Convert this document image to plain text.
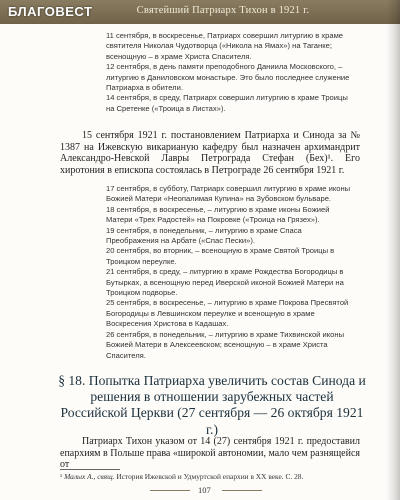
БЛАГОВЕСТ	Святейший Патриарх Тихон в 1921 г.

11 сентября, в воскресенье, Патриарх совершил литургию в храме святителя Николая Чудотворца («Никола на Ямах») на Таганке; всенощную – в храме Христа Спасителя.

12 сентября, в день памяти преподобного Даниила Московского, – литургию в Даниловском монастыре. Это было последнее служение Патриарха в обители.

14 сентября, в среду, Патриарх совершил литургию в храме Троицы на Сретенке («Троица в Листах»).

15 сентября 1921 г. постановлением Патриарха и Синода за № 1387 на Ижевскую викарианую кафедру был назначен архимандрит Александро-Невской Лавры Петрограда Стефан (Бех)¹. Его хиротония в епископа состоялась в Петрограде 26 сентября 1921 г.

17 сентября, в субботу, Патриарх совершил литургию в храме иконы Божией Матери «Неопалимая Купина» на Зубовском бульваре.

18 сентября, в воскресенье, – литургию в храме иконы Божией Матери «Трех Радостей» на Покровке («Троица на Грязех»).

19 сентября, в понедельник, – литургию в храме Спаса Преображения на Арбате («Спас Пески»).

20 сентября, во вторник, – всенощную в храме Святой Троицы в Троицком переулке.

21 сентября, в среду, – литургию в храме Рождества Богородицы в Бутырках, а всенощную перед Иверской иконой Божией Матери на Троицком подворье.

25 сентября, в воскресенье, – литургию в храме Покрова Пресвятой Богородицы в Левшинском переулке и всенощную в храме Воскресения Христова в Кадашах.

26 сентября, в понедельник, – литургию в храме Тихвинской иконы Божией Матери в Алексеевском; всенощную – в храме Христа Спасителя.

§ 18. Попытка Патриарха увеличить состав Синода и решения в отношении зарубежных частей Российской Церкви (27 сентября — 26 октября 1921 г.)

Патриарх Тихон указом от 14 (27) сентября 1921 г. предоставил епархиям в Польше права «широкой автономии, мало чем разнящейся от

¹ Малых А., свящ. История Ижевской и Удмуртской епархии в XX веке. С. 28.
107
